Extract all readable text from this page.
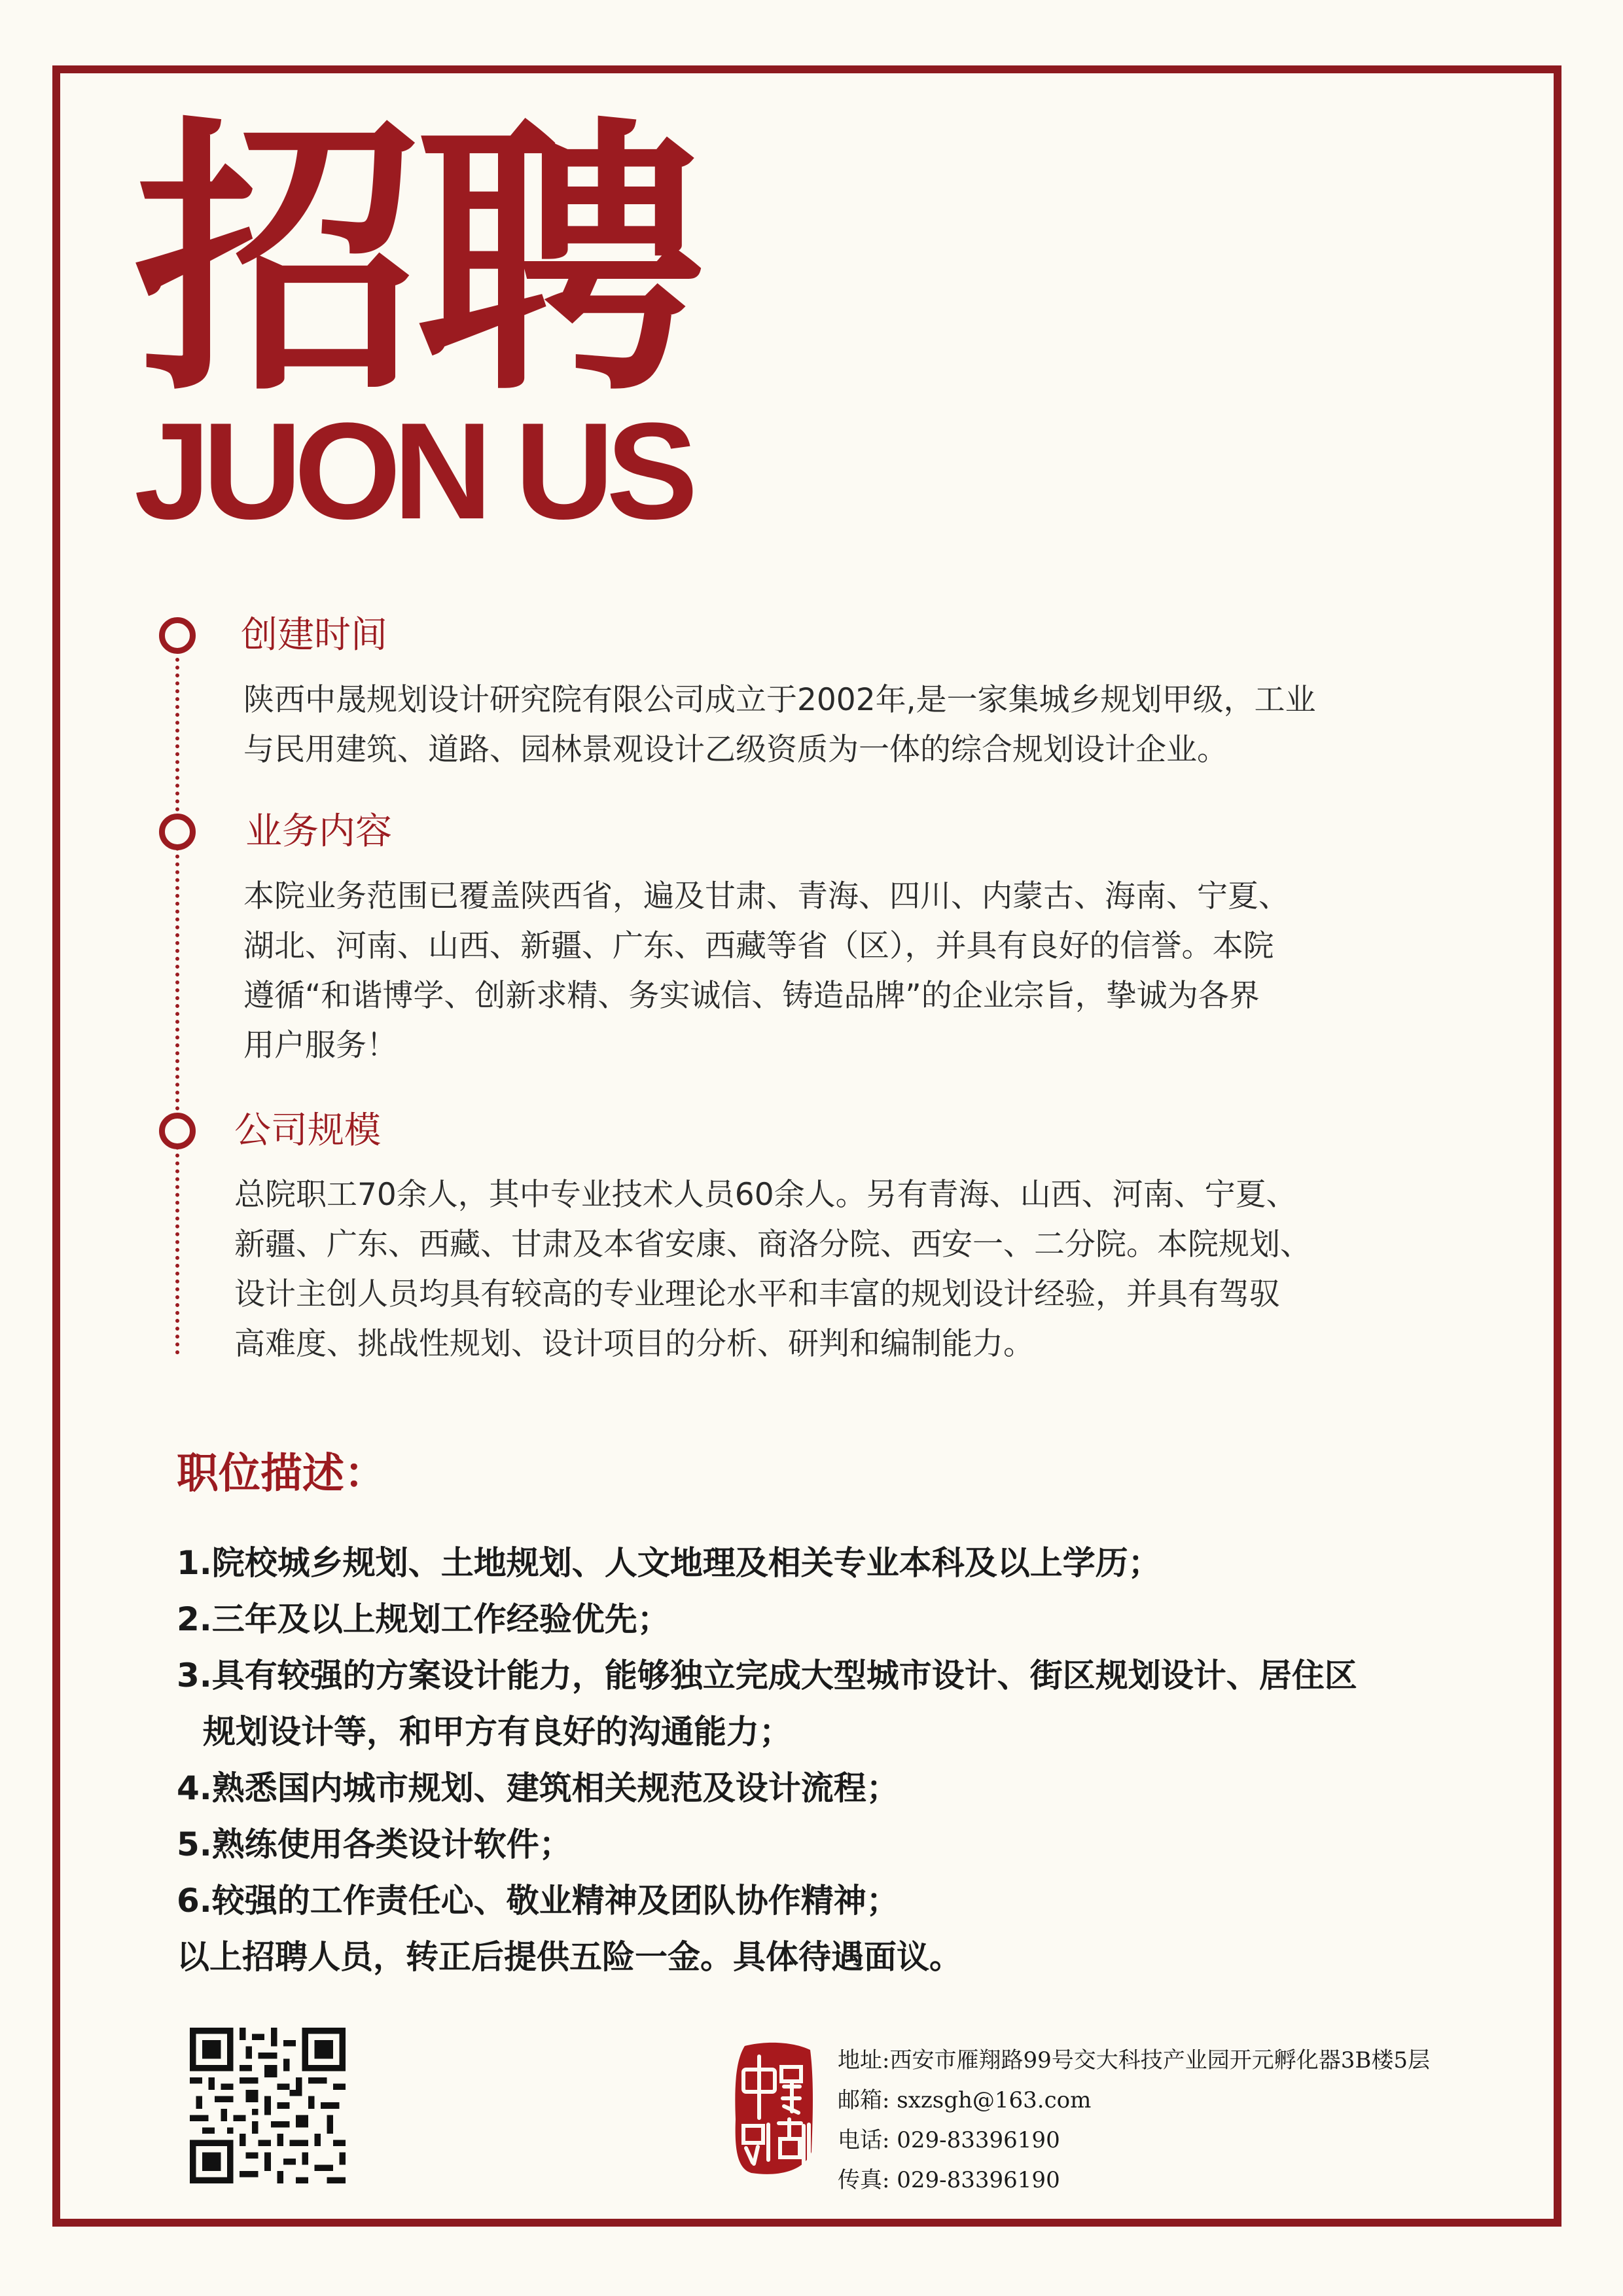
招聘
JUON US
创建时间

陕西中晟规划设计研究院有限公司成立于2002年,是一家集城乡规划甲级，工业

与民用建筑、道路、园林景观设计乙级资质为一体的综合规划设计企业。

业务内容

本院业务范围已覆盖陕西省，遍及甘肃、青海、四川、内蒙古、海南、宁夏、

湖北、河南、山西、新疆、广东、西藏等省（区），并具有良好的信誉。本院

遵循“和谐博学、创新求精、务实诚信、铸造品牌”的企业宗旨，挚诚为各界

用户服务！

公司规模

总院职工70余人，其中专业技术人员60余人。另有青海、山西、河南、宁夏、

新疆、广东、西藏、甘肃及本省安康、商洛分院、西安一、二分院。本院规划、

设计主创人员均具有较高的专业理论水平和丰富的规划设计经验，并具有驾驭

高难度、挑战性规划、设计项目的分析、研判和编制能力。

职位描述：

1.院校城乡规划、土地规划、人文地理及相关专业本科及以上学历；

2.三年及以上规划工作经验优先；

3.具有较强的方案设计能力，能够独立完成大型城市设计、街区规划设计、居住区

规划设计等，和甲方有良好的沟通能力；

4.熟悉国内城市规划、建筑相关规范及设计流程；

5.熟练使用各类设计软件；

6.较强的工作责任心、敬业精神及团队协作精神；

以上招聘人员，转正后提供五险一金。具体待遇面议。

地址:西安市雁翔路99号交大科技产业园开元孵化器3B楼5层

邮箱: sxzsgh@163.com

电话: 029-83396190

传真: 029-83396190
